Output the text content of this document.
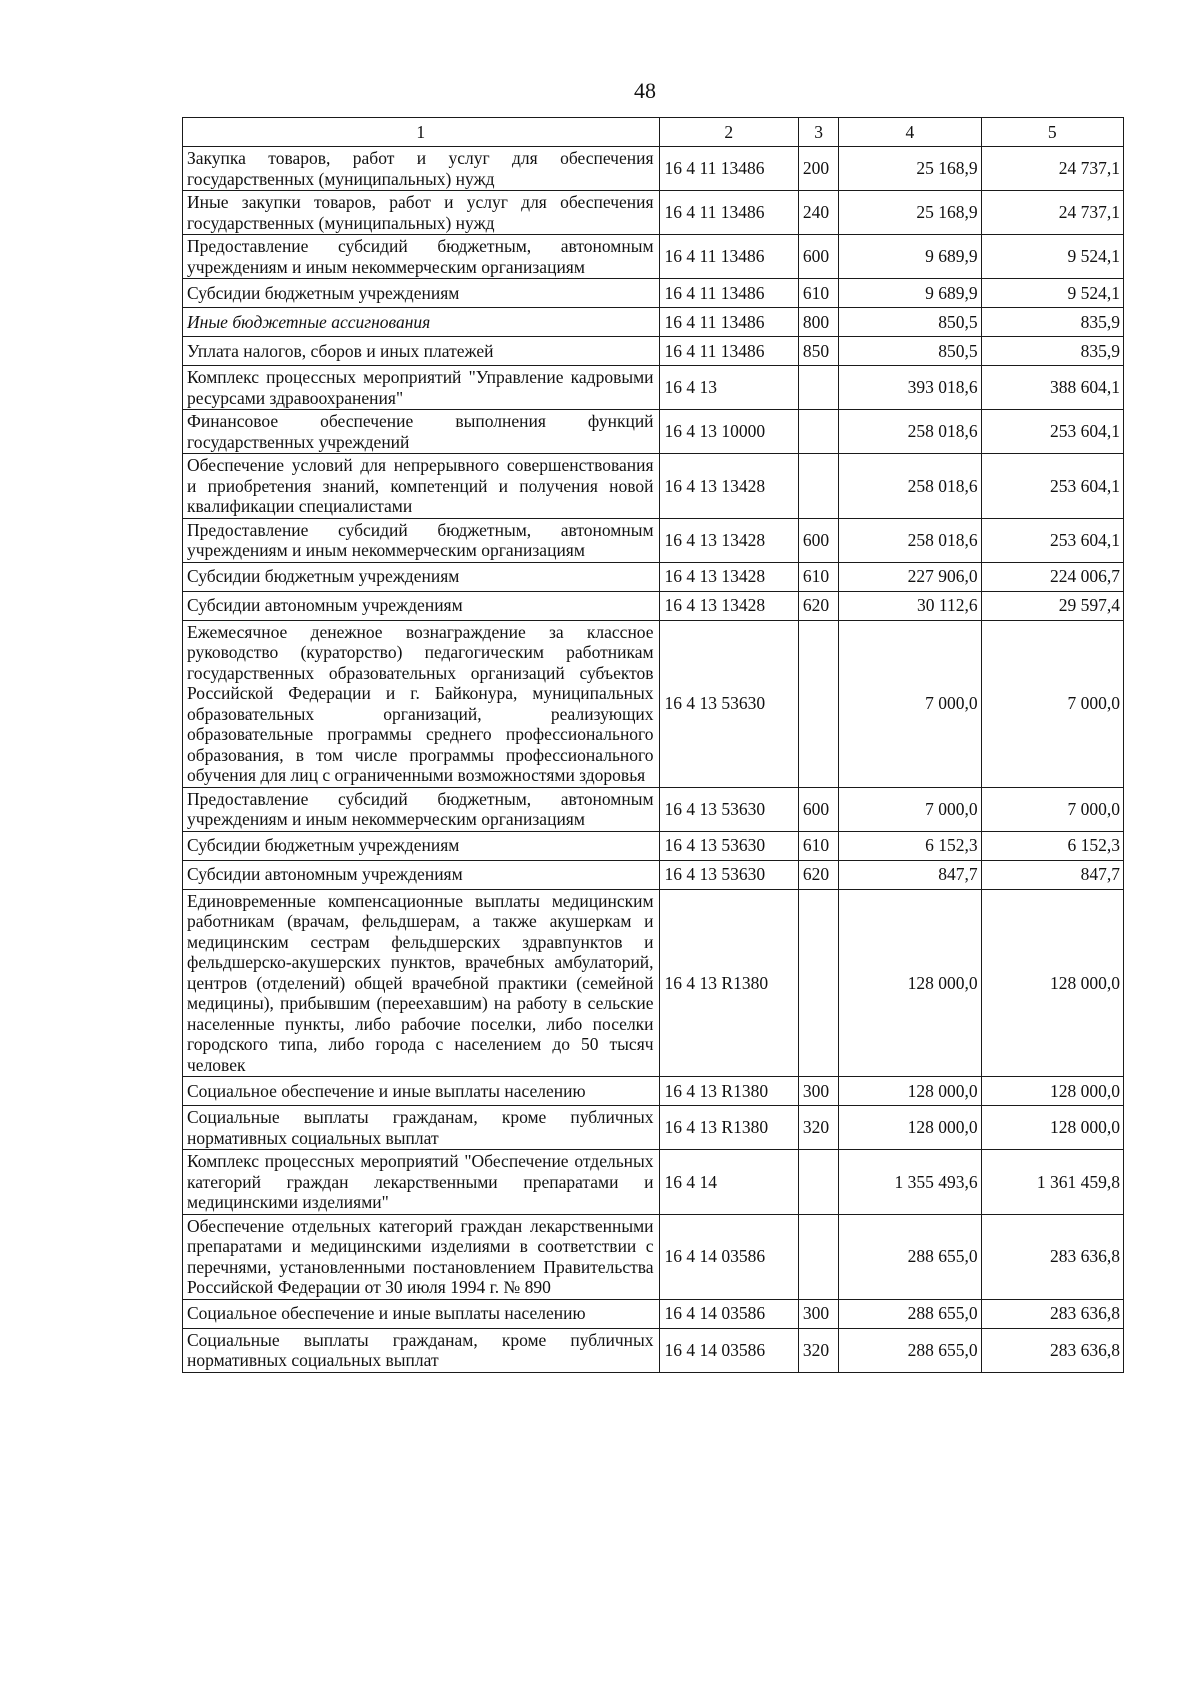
48
1	2	3	4	5
Закупка товаров, работ и услуг для обеспечения государственных (муниципальных) нужд	16 4 11 13486	200	25 168,9	24 737,1
Иные закупки товаров, работ и услуг для обеспечения государственных (муниципальных) нужд	16 4 11 13486	240	25 168,9	24 737,1
Предоставление субсидий бюджетным, автономным учреждениям и иным некоммерческим организациям	16 4 11 13486	600	9 689,9	9 524,1
Субсидии бюджетным учреждениям	16 4 11 13486	610	9 689,9	9 524,1
Иные бюджетные ассигнования	16 4 11 13486	800	850,5	835,9
Уплата налогов, сборов и иных платежей	16 4 11 13486	850	850,5	835,9
Комплекс процессных мероприятий "Управление кадровыми ресурсами здравоохранения"	16 4 13		393 018,6	388 604,1
Финансовое обеспечение выполнения функций государственных учреждений	16 4 13 10000		258 018,6	253 604,1
Обеспечение условий для непрерывного совершенствования и приобретения знаний, компетенций и получения новой квалификации специалистами	16 4 13 13428		258 018,6	253 604,1
Предоставление субсидий бюджетным, автономным учреждениям и иным некоммерческим организациям	16 4 13 13428	600	258 018,6	253 604,1
Субсидии бюджетным учреждениям	16 4 13 13428	610	227 906,0	224 006,7
Субсидии автономным учреждениям	16 4 13 13428	620	30 112,6	29 597,4
Ежемесячное денежное вознаграждение за классное руководство (кураторство) педагогическим работникам государственных образовательных организаций субъектов Российской Федерации и г. Байконура, муниципальных образовательных организаций, реализующих образовательные программы среднего профессионального образования, в том числе программы профессионального обучения для лиц с ограниченными возможностями здоровья	16 4 13 53630		7 000,0	7 000,0
Предоставление субсидий бюджетным, автономным учреждениям и иным некоммерческим организациям	16 4 13 53630	600	7 000,0	7 000,0
Субсидии бюджетным учреждениям	16 4 13 53630	610	6 152,3	6 152,3
Субсидии автономным учреждениям	16 4 13 53630	620	847,7	847,7
Единовременные компенсационные выплаты медицинским работникам (врачам, фельдшерам, а также акушеркам и медицинским сестрам фельдшерских здравпунктов и фельдшерско-акушерских пунктов, врачебных амбулаторий, центров (отделений) общей врачебной практики (семейной медицины), прибывшим (переехавшим) на работу в сельские населенные пункты, либо рабочие поселки, либо поселки городского типа, либо города с населением до 50 тысяч человек	16 4 13 R1380		128 000,0	128 000,0
Социальное обеспечение и иные выплаты населению	16 4 13 R1380	300	128 000,0	128 000,0
Социальные выплаты гражданам, кроме публичных нормативных социальных выплат	16 4 13 R1380	320	128 000,0	128 000,0
Комплекс процессных мероприятий "Обеспечение отдельных категорий граждан лекарственными препаратами и медицинскими изделиями"	16 4 14		1 355 493,6	1 361 459,8
Обеспечение отдельных категорий граждан лекарственными препаратами и медицинскими изделиями в соответствии с перечнями, установленными постановлением Правительства Российской Федерации от 30 июля 1994 г. № 890	16 4 14 03586		288 655,0	283 636,8
Социальное обеспечение и иные выплаты населению	16 4 14 03586	300	288 655,0	283 636,8
Социальные выплаты гражданам, кроме публичных нормативных социальных выплат	16 4 14 03586	320	288 655,0	283 636,8
